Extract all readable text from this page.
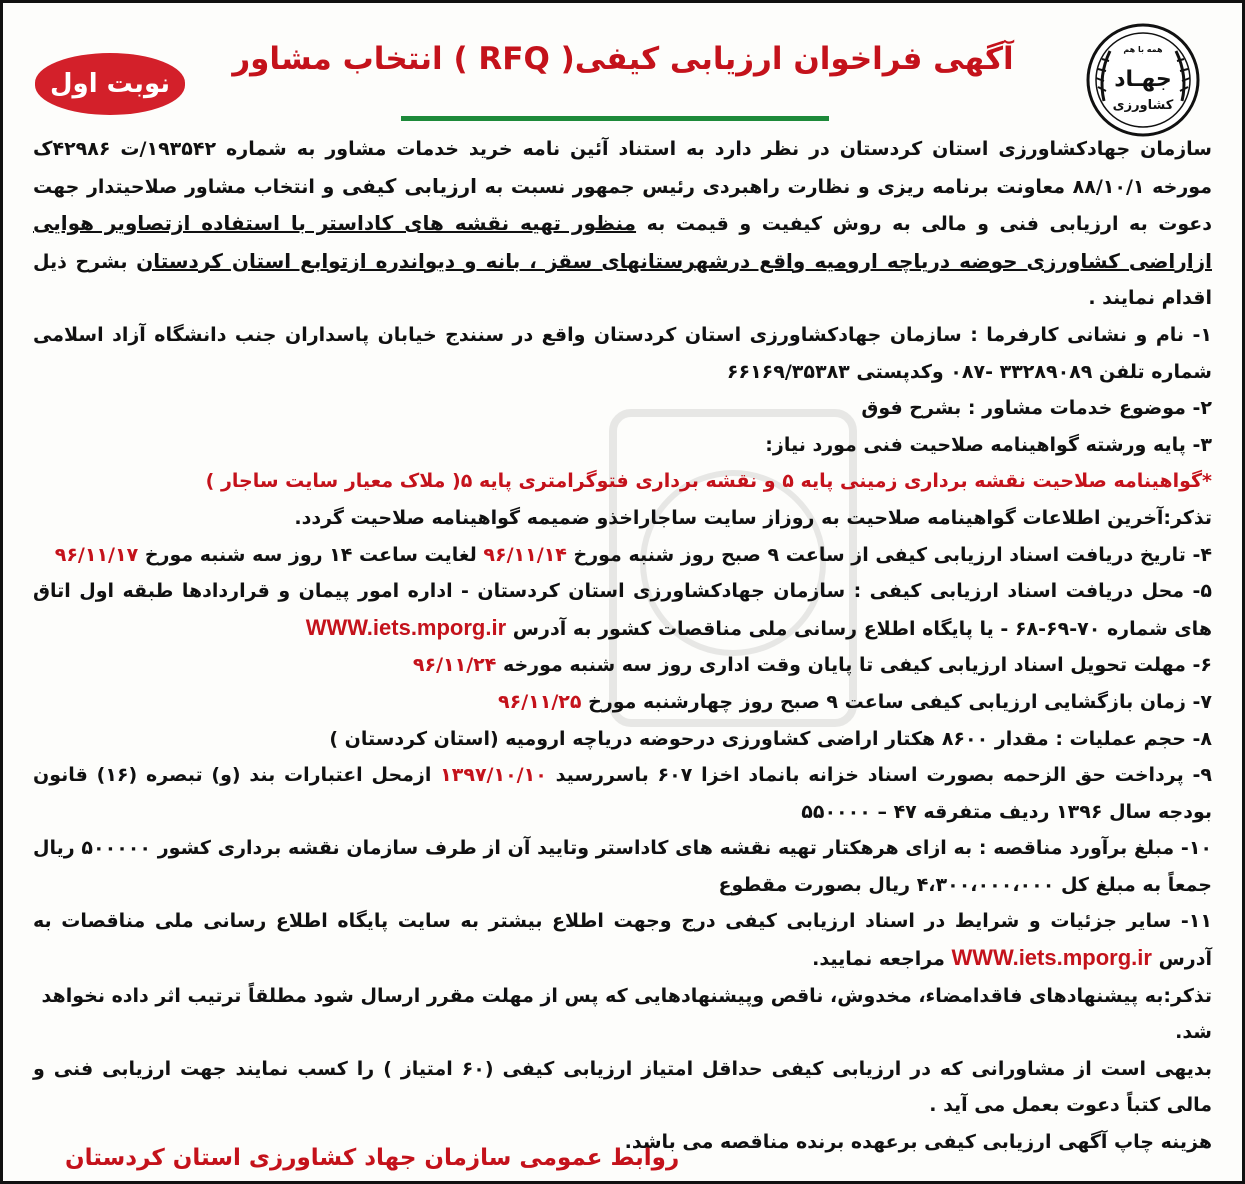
همه با هم
جهـاد
کشاورزی
نوبت اول
آگهی فراخوان ارزیابی کیفی( RFQ ) انتخاب مشاور

سازمان جهادکشاورزی استان کردستان در نظر دارد به استناد آئین نامه خرید خدمات مشاور به شماره ۱۹۳۵۴۲/ت ۴۲۹۸۶ک مورخه ۸۸/۱۰/۱ معاونت برنامه ریزی و نظارت راهبردی رئیس جمهور نسبت به ارزیابی کیفی و انتخاب مشاور صلاحیتدار جهت دعوت به ارزیابی فنی و مالی به روش کیفیت و قیمت به منظور تهیه نقشه های کاداستر با استفاده ازتصاویر هوایی ازاراضی کشاورزی حوضه دریاچه ارومیه واقع درشهرستانهای سقز ، بانه و دیواندره ازتوابع استان کردستان بشرح ذیل اقدام نمایند .

۱- نام و نشانی کارفرما : سازمان جهادکشاورزی استان کردستان واقع در سنندج خیابان پاسداران جنب دانشگاه آزاد اسلامی شماره تلفن ۳۳۲۸۹۰۸۹ -۰۸۷ وکدپستی ۶۶۱۶۹/۳۵۳۸۳

۲- موضوع خدمات مشاور : بشرح فوق

۳- پایه ورشته گواهینامه صلاحیت فنی مورد نیاز:

*گواهینامه صلاحیت نقشه برداری زمینی پایه ۵ و نقشه برداری فتوگرامتری پایه ۵( ملاک معیار سایت ساجار )

تذکر:آخرین اطلاعات گواهینامه صلاحیت به روزاز سایت ساجاراخذو ضمیمه گواهینامه صلاحیت گردد.

۴- تاریخ دریافت اسناد ارزیابی کیفی از ساعت ۹ صبح روز شنبه مورخ ۹۶/۱۱/۱۴ لغایت ساعت ۱۴ روز سه شنبه مورخ ۹۶/۱۱/۱۷

۵- محل دریافت اسناد ارزیابی کیفی : سازمان جهادکشاورزی استان کردستان - اداره امور پیمان و قراردادها طبقه اول اتاق های شماره ۷۰-۶۹-۶۸ - یا پایگاه اطلاع رسانی ملی مناقصات کشور به آدرس WWW.iets.mporg.ir

۶- مهلت تحویل اسناد ارزیابی کیفی تا پایان وقت اداری روز سه شنبه مورخه ۹۶/۱۱/۲۴

۷- زمان بازگشایی ارزیابی کیفی ساعت ۹ صبح روز چهارشنبه مورخ ۹۶/۱۱/۲۵

۸- حجم عملیات : مقدار ۸۶۰۰ هکتار اراضی کشاورزی درحوضه دریاچه ارومیه (استان کردستان )

۹- پرداخت حق الزحمه بصورت اسناد خزانه بانماد اخزا ۶۰۷ باسررسید ۱۳۹۷/۱۰/۱۰ ازمحل اعتبارات بند (و) تبصره (۱۶) قانون بودجه سال ۱۳۹۶ ردیف متفرقه ۴۷ – ۵۵۰۰۰۰

۱۰- مبلغ برآورد مناقصه : به ازای هرهکتار تهیه نقشه های کاداستر وتایید آن از طرف سازمان نقشه برداری کشور ۵۰۰۰۰۰ ریال جمعاً به مبلغ کل ۴،۳۰۰،۰۰۰،۰۰۰ ریال بصورت مقطوع

۱۱- سایر جزئیات و شرایط در اسناد ارزیابی کیفی درج وجهت اطلاع بیشتر به سایت پایگاه اطلاع رسانی ملی مناقصات به آدرس WWW.iets.mporg.ir مراجعه نمایید.

تذکر:به پیشنهادهای فاقدامضاء، مخدوش، ناقص وپیشنهادهایی که پس از مهلت مقرر ارسال شود مطلقاً ترتیب اثر داده نخواهد شد.

بدیهی است از مشاورانی که در ارزیابی کیفی حداقل امتیاز ارزیابی کیفی (۶۰ امتیاز ) را کسب نمایند جهت ارزیابی فنی و مالی کتباً دعوت بعمل می آید .

هزینه چاپ آگهی ارزیابی کیفی برعهده برنده مناقصه می باشد.

روابط عمومی سازمان جهاد کشاورزی استان کردستان
